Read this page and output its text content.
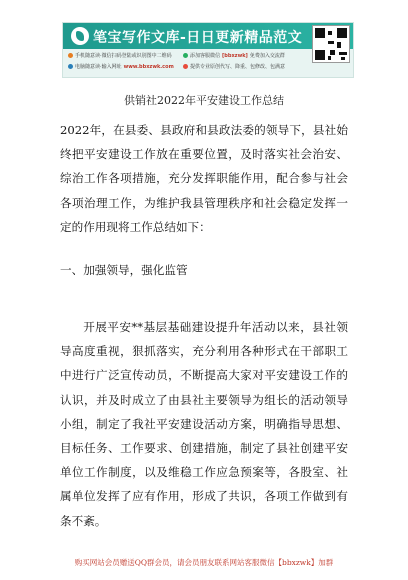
笔宝写作文库-日日更新精品范文
手机随意读·微信扫码登陆或识别图中二维码	添加客服微信 [bbxzwk] 免费加入交流群
电脑随意读·输入网址 www.bbxzwk.com	提供专业原创代写、降重、包修改、包满意
供销社2022年平安建设工作总结

2022年，在县委、县政府和县政法委的领导下，县社始终把平安建设工作放在重要位置，及时落实社会治安、综治工作各项措施，充分发挥职能作用，配合参与社会各项治理工作，为维护我县管理秩序和社会稳定发挥一定的作用现将工作总结如下：

一、加强领导，强化监管

开展平安**基层基础建设提升年活动以来，县社领导高度重视，狠抓落实，充分利用各种形式在干部职工中进行广泛宣传动员，不断提高大家对平安建设工作的认识，并及时成立了由县社主要领导为组长的活动领导小组，制定了我社平安建设活动方案，明确指导思想、目标任务、工作要求、创建措施，制定了县社创建平安单位工作制度，以及维稳工作应急预案等，各股室、社属单位发挥了应有作用，形成了共识，各项工作做到有条不紊。

购买网站会员赠送QQ群会员，请会员朋友联系网站客服微信【bbxzwk】加群
